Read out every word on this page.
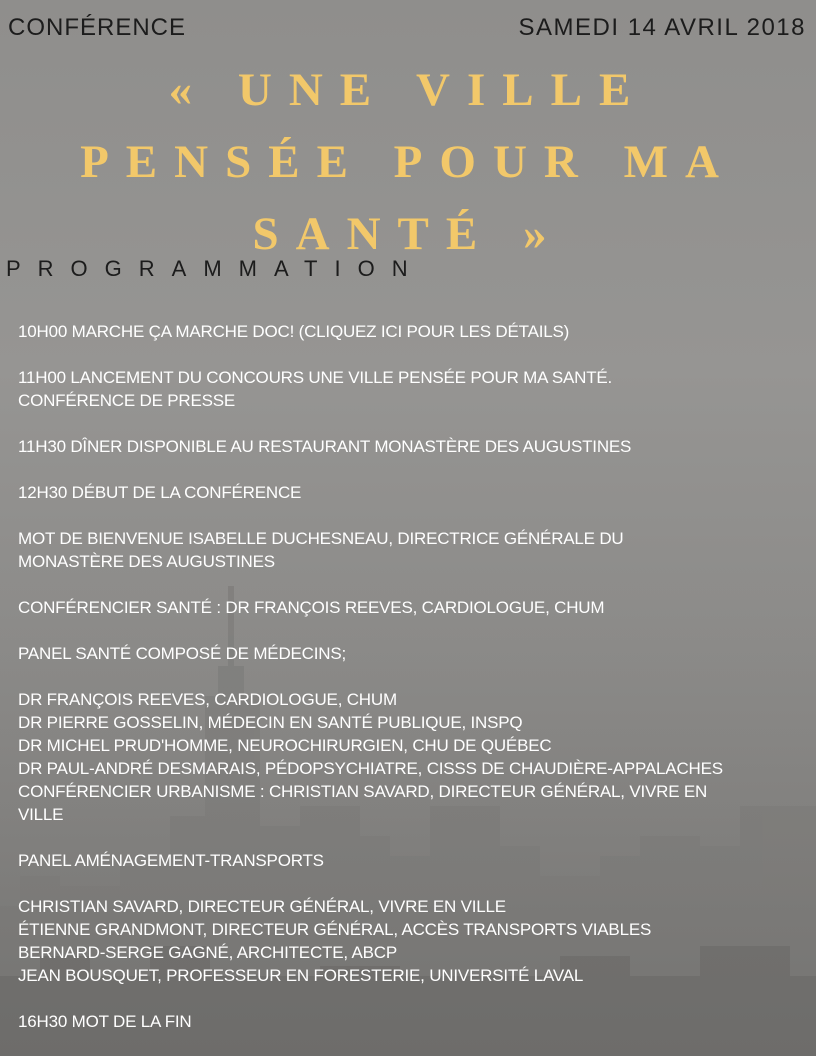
CONFÉRENCE	SAMEDI 14 AVRIL 2018
« UNE VILLE
PENSÉE POUR MA
SANTÉ »
PROGRAMMATION
10H00 MARCHE ÇA MARCHE DOC! (CLIQUEZ ICI POUR LES DÉTAILS)
11H00 LANCEMENT DU CONCOURS UNE VILLE PENSÉE POUR MA SANTÉ.
CONFÉRENCE DE PRESSE
11H30 DÎNER DISPONIBLE AU RESTAURANT MONASTÈRE DES AUGUSTINES
12H30 DÉBUT DE LA CONFÉRENCE
MOT DE BIENVENUE ISABELLE DUCHESNEAU, DIRECTRICE GÉNÉRALE DU
MONASTÈRE DES AUGUSTINES
CONFÉRENCIER SANTÉ : DR FRANÇOIS REEVES, CARDIOLOGUE, CHUM
PANEL SANTÉ COMPOSÉ DE MÉDECINS;
DR FRANÇOIS REEVES, CARDIOLOGUE, CHUM
DR PIERRE GOSSELIN, MÉDECIN EN SANTÉ PUBLIQUE, INSPQ
DR MICHEL PRUD'HOMME, NEUROCHIRURGIEN, CHU DE QUÉBEC
DR PAUL-ANDRÉ DESMARAIS, PÉDOPSYCHIATRE, CISSS DE CHAUDIÈRE-APPALACHES
CONFÉRENCIER URBANISME : CHRISTIAN SAVARD, DIRECTEUR GÉNÉRAL, VIVRE EN
VILLE
PANEL AMÉNAGEMENT-TRANSPORTS
CHRISTIAN SAVARD, DIRECTEUR GÉNÉRAL, VIVRE EN VILLE
ÉTIENNE GRANDMONT, DIRECTEUR GÉNÉRAL, ACCÈS TRANSPORTS VIABLES
BERNARD-SERGE GAGNÉ, ARCHITECTE, ABCP
JEAN BOUSQUET, PROFESSEUR EN FORESTERIE, UNIVERSITÉ LAVAL
16H30 MOT DE LA FIN
